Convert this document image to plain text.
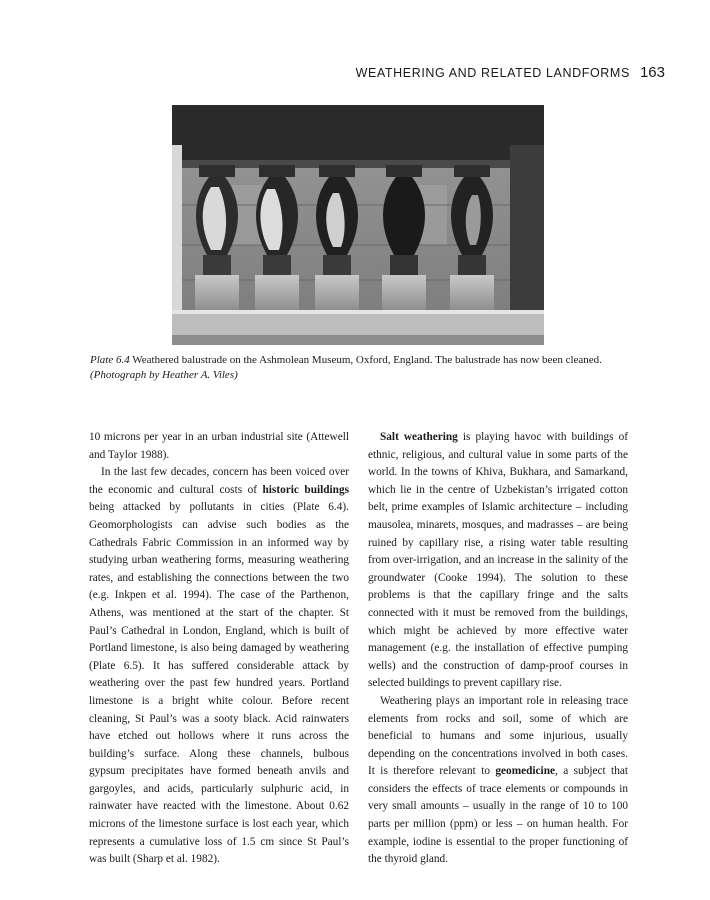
WEATHERING AND RELATED LANDFORMS 163
Plate 6.4 Weathered balustrade on the Ashmolean Museum, Oxford, England. The balustrade has now been cleaned.
(Photograph by Heather A. Viles)

10 microns per year in an urban industrial site (Attewell and Taylor 1988).

In the last few decades, concern has been voiced over the economic and cultural costs of historic buildings being attacked by pollutants in cities (Plate 6.4). Geomorphologists can advise such bodies as the Cathedrals Fabric Commission in an informed way by studying urban weathering forms, measuring weathering rates, and establishing the connections between the two (e.g. Inkpen et al. 1994). The case of the Parthenon, Athens, was mentioned at the start of the chapter. St Paul’s Cathedral in London, England, which is built of Portland limestone, is also being damaged by weathering (Plate 6.5). It has suffered considerable attack by weathering over the past few hundred years. Portland limestone is a bright white colour. Before recent cleaning, St Paul’s was a sooty black. Acid rainwaters have etched out hollows where it runs across the building’s surface. Along these channels, bulbous gypsum precipitates have formed beneath anvils and gargoyles, and acids, particularly sulphuric acid, in rainwater have reacted with the limestone. About 0.62 microns of the limestone surface is lost each year, which represents a cumulative loss of 1.5 cm since St Paul’s was built (Sharp et al. 1982).

Salt weathering is playing havoc with buildings of ethnic, religious, and cultural value in some parts of the world. In the towns of Khiva, Bukhara, and Samarkand, which lie in the centre of Uzbekistan’s irrigated cotton belt, prime examples of Islamic architecture – including mausolea, minarets, mosques, and madrasses – are being ruined by capillary rise, a rising water table resulting from over-irrigation, and an increase in the salinity of the groundwater (Cooke 1994). The solution to these problems is that the capillary fringe and the salts connected with it must be removed from the buildings, which might be achieved by more effective water management (e.g. the installation of effective pumping wells) and the construction of damp-proof courses in selected buildings to prevent capillary rise.

Weathering plays an important role in releasing trace elements from rocks and soil, some of which are beneficial to humans and some injurious, usually depending on the concentrations involved in both cases. It is therefore relevant to geomedicine, a subject that considers the effects of trace elements or compounds in very small amounts – usually in the range of 10 to 100 parts per million (ppm) or less – on human health. For example, iodine is essential to the proper functioning of the thyroid gland.
